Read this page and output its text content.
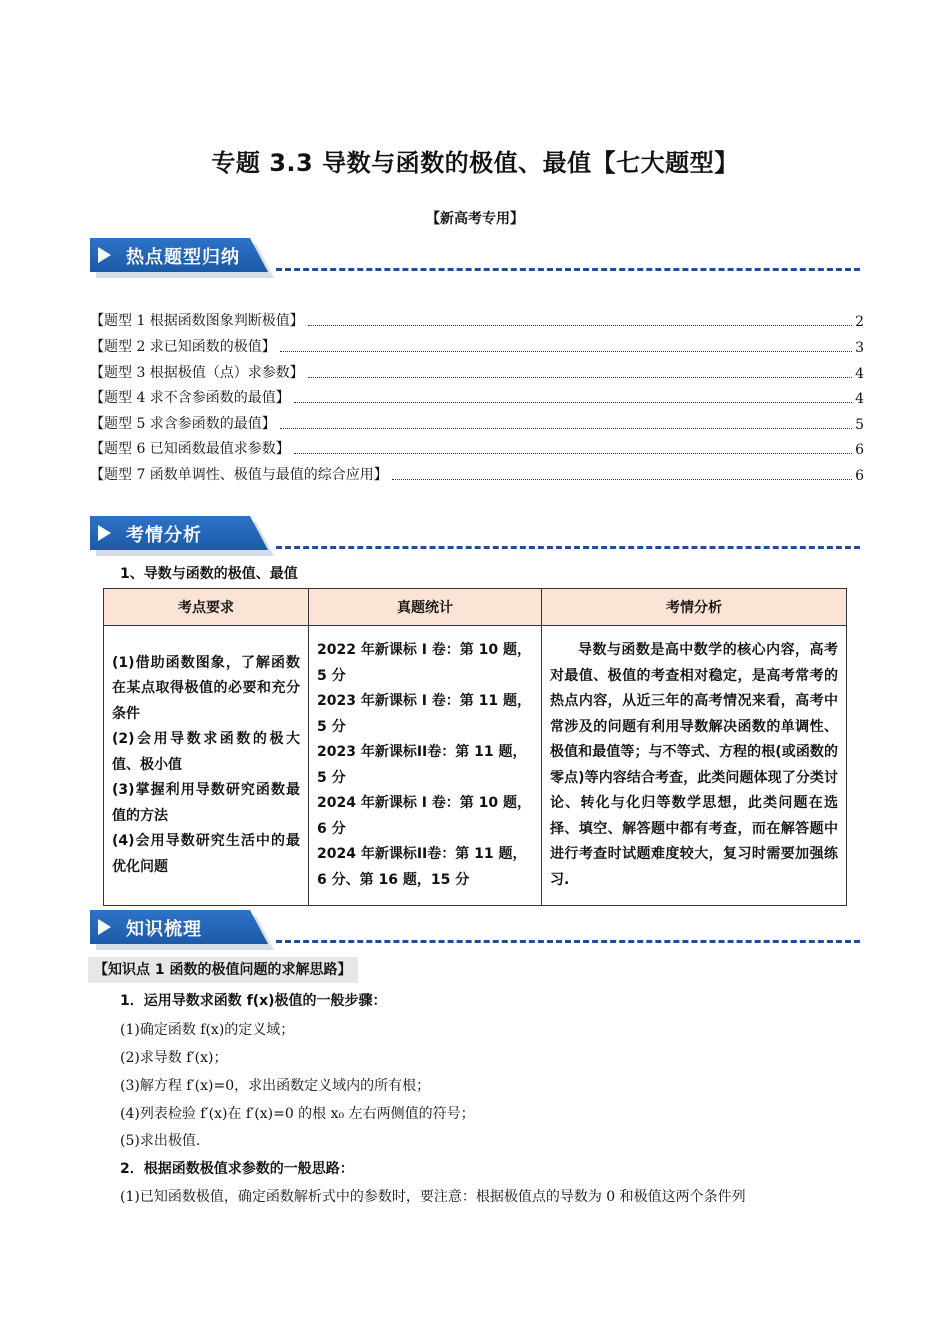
专题 3.3 导数与函数的极值、最值【七大题型】
【新高考专用】
热点题型归纳
【题型 1 根据函数图象判断极值】	2
【题型 2 求已知函数的极值】	3
【题型 3 根据极值（点）求参数】	4
【题型 4 求不含参函数的最值】	4
【题型 5 求含参函数的最值】	5
【题型 6 已知函数最值求参数】	6
【题型 7 函数单调性、极值与最值的综合应用】	6
考情分析
1、导数与函数的极值、最值
考点要求	真题统计	考情分析
(1)借助函数图象，了解函数在某点取得极值的必要和充分条件
(2)会用导数求函数的极大值、极小值
(3)掌握利用导数研究函数最值的方法
(4)会用导数研究生活中的最优化问题	2022 年新课标 I 卷：第 10 题，5 分
2023 年新课标 I 卷：第 11 题，5 分
2023 年新课标II卷：第 11 题，5 分
2024 年新课标 I 卷：第 10 题，6 分
2024 年新课标II卷：第 11 题，6 分、第 16 题，15 分	导数与函数是高中数学的核心内容，高考对最值、极值的考查相对稳定，是高考常考的热点内容，从近三年的高考情况来看，高考中常涉及的问题有利用导数解决函数的单调性、极值和最值等；与不等式、方程的根(或函数的零点)等内容结合考查，此类问题体现了分类讨论、转化与化归等数学思想，此类问题在选择、填空、解答题中都有考查，而在解答题中进行考查时试题难度较大，复习时需要加强练习.
知识梳理
【知识点 1 函数的极值问题的求解思路】
1．运用导数求函数 f(x)极值的一般步骤：
(1)确定函数 f(x)的定义域；
(2)求导数 f′(x)；
(3)解方程 f′(x)=0，求出函数定义域内的所有根；
(4)列表检验 f′(x)在 f′(x)=0 的根 x₀ 左右两侧值的符号；
(5)求出极值.
2．根据函数极值求参数的一般思路：
(1)已知函数极值，确定函数解析式中的参数时，要注意：根据极值点的导数为 0 和极值这两个条件列
